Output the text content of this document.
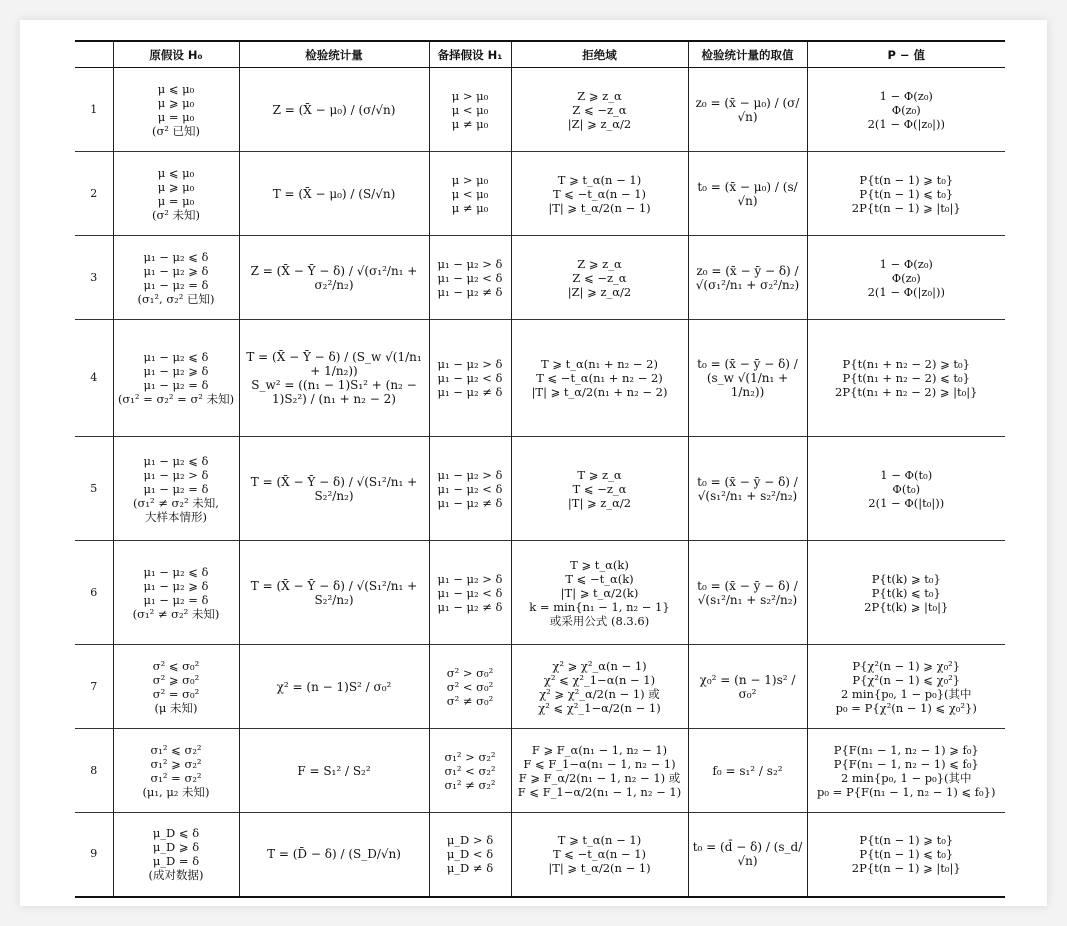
	原假设 H₀	检验统计量	备择假设 H₁	拒绝域	检验统计量的取值	P − 值
1	μ ⩽ μ₀
μ ⩾ μ₀
μ = μ₀
(σ² 已知)	Z = (X̄ − μ₀) / (σ/√n)	μ > μ₀
μ < μ₀
μ ≠ μ₀	Z ⩾ z_α
Z ⩽ −z_α
|Z| ⩾ z_α/2	z₀ = (x̄ − μ₀) / (σ/√n)	1 − Φ(z₀)
Φ(z₀)
2(1 − Φ(|z₀|))
2	μ ⩽ μ₀
μ ⩾ μ₀
μ = μ₀
(σ² 未知)	T = (X̄ − μ₀) / (S/√n)	μ > μ₀
μ < μ₀
μ ≠ μ₀	T ⩾ t_α(n − 1)
T ⩽ −t_α(n − 1)
|T| ⩾ t_α/2(n − 1)	t₀ = (x̄ − μ₀) / (s/√n)	P{t(n − 1) ⩾ t₀}
P{t(n − 1) ⩽ t₀}
2P{t(n − 1) ⩾ |t₀|}
3	μ₁ − μ₂ ⩽ δ
μ₁ − μ₂ ⩾ δ
μ₁ − μ₂ = δ
(σ₁², σ₂² 已知)	Z = (X̄ − Ȳ − δ) / √(σ₁²/n₁ + σ₂²/n₂)	μ₁ − μ₂ > δ
μ₁ − μ₂ < δ
μ₁ − μ₂ ≠ δ	Z ⩾ z_α
Z ⩽ −z_α
|Z| ⩾ z_α/2	z₀ = (x̄ − ȳ − δ) / √(σ₁²/n₁ + σ₂²/n₂)	1 − Φ(z₀)
Φ(z₀)
2(1 − Φ(|z₀|))
4	μ₁ − μ₂ ⩽ δ
μ₁ − μ₂ ⩾ δ
μ₁ − μ₂ = δ
(σ₁² = σ₂² = σ² 未知)	T = (X̄ − Ȳ − δ) / (S_w √(1/n₁ + 1/n₂))
S_w² = ((n₁ − 1)S₁² + (n₂ − 1)S₂²) / (n₁ + n₂ − 2)	μ₁ − μ₂ > δ
μ₁ − μ₂ < δ
μ₁ − μ₂ ≠ δ	T ⩾ t_α(n₁ + n₂ − 2)
T ⩽ −t_α(n₁ + n₂ − 2)
|T| ⩾ t_α/2(n₁ + n₂ − 2)	t₀ = (x̄ − ȳ − δ) / (s_w √(1/n₁ + 1/n₂))	P{t(n₁ + n₂ − 2) ⩾ t₀}
P{t(n₁ + n₂ − 2) ⩽ t₀}
2P{t(n₁ + n₂ − 2) ⩾ |t₀|}
5	μ₁ − μ₂ ⩽ δ
μ₁ − μ₂ > δ
μ₁ − μ₂ = δ
(σ₁² ≠ σ₂² 未知,
大样本情形)	T = (X̄ − Ȳ − δ) / √(S₁²/n₁ + S₂²/n₂)	μ₁ − μ₂ > δ
μ₁ − μ₂ < δ
μ₁ − μ₂ ≠ δ	T ⩾ z_α
T ⩽ −z_α
|T| ⩾ z_α/2	t₀ = (x̄ − ȳ − δ) / √(s₁²/n₁ + s₂²/n₂)	1 − Φ(t₀)
Φ(t₀)
2(1 − Φ(|t₀|))
6	μ₁ − μ₂ ⩽ δ
μ₁ − μ₂ ⩾ δ
μ₁ − μ₂ = δ
(σ₁² ≠ σ₂² 未知)	T = (X̄ − Ȳ − δ) / √(S₁²/n₁ + S₂²/n₂)	μ₁ − μ₂ > δ
μ₁ − μ₂ < δ
μ₁ − μ₂ ≠ δ	T ⩾ t_α(k)
T ⩽ −t_α(k)
|T| ⩾ t_α/2(k)
k = min{n₁ − 1, n₂ − 1}
或采用公式 (8.3.6)	t₀ = (x̄ − ȳ − δ) / √(s₁²/n₁ + s₂²/n₂)	P{t(k) ⩾ t₀}
P{t(k) ⩽ t₀}
2P{t(k) ⩾ |t₀|}
7	σ² ⩽ σ₀²
σ² ⩾ σ₀²
σ² = σ₀²
(μ 未知)	χ² = (n − 1)S² / σ₀²	σ² > σ₀²
σ² < σ₀²
σ² ≠ σ₀²	χ² ⩾ χ²_α(n − 1)
χ² ⩽ χ²_1−α(n − 1)
χ² ⩾ χ²_α/2(n − 1) 或
χ² ⩽ χ²_1−α/2(n − 1)	χ₀² = (n − 1)s² / σ₀²	P{χ²(n − 1) ⩾ χ₀²}
P{χ²(n − 1) ⩽ χ₀²}
2 min{p₀, 1 − p₀}(其中
p₀ = P{χ²(n − 1) ⩽ χ₀²})
8	σ₁² ⩽ σ₂²
σ₁² ⩾ σ₂²
σ₁² = σ₂²
(μ₁, μ₂ 未知)	F = S₁² / S₂²	σ₁² > σ₂²
σ₁² < σ₂²
σ₁² ≠ σ₂²	F ⩾ F_α(n₁ − 1, n₂ − 1)
F ⩽ F_1−α(n₁ − 1, n₂ − 1)
F ⩾ F_α/2(n₁ − 1, n₂ − 1) 或
F ⩽ F_1−α/2(n₁ − 1, n₂ − 1)	f₀ = s₁² / s₂²	P{F(n₁ − 1, n₂ − 1) ⩾ f₀}
P{F(n₁ − 1, n₂ − 1) ⩽ f₀}
2 min{p₀, 1 − p₀}(其中
p₀ = P{F(n₁ − 1, n₂ − 1) ⩽ f₀})
9	μ_D ⩽ δ
μ_D ⩾ δ
μ_D = δ
(成对数据)	T = (D̄ − δ) / (S_D/√n)	μ_D > δ
μ_D < δ
μ_D ≠ δ	T ⩾ t_α(n − 1)
T ⩽ −t_α(n − 1)
|T| ⩾ t_α/2(n − 1)	t₀ = (d̄ − δ) / (s_d/√n)	P{t(n − 1) ⩾ t₀}
P{t(n − 1) ⩽ t₀}
2P{t(n − 1) ⩾ |t₀|}
